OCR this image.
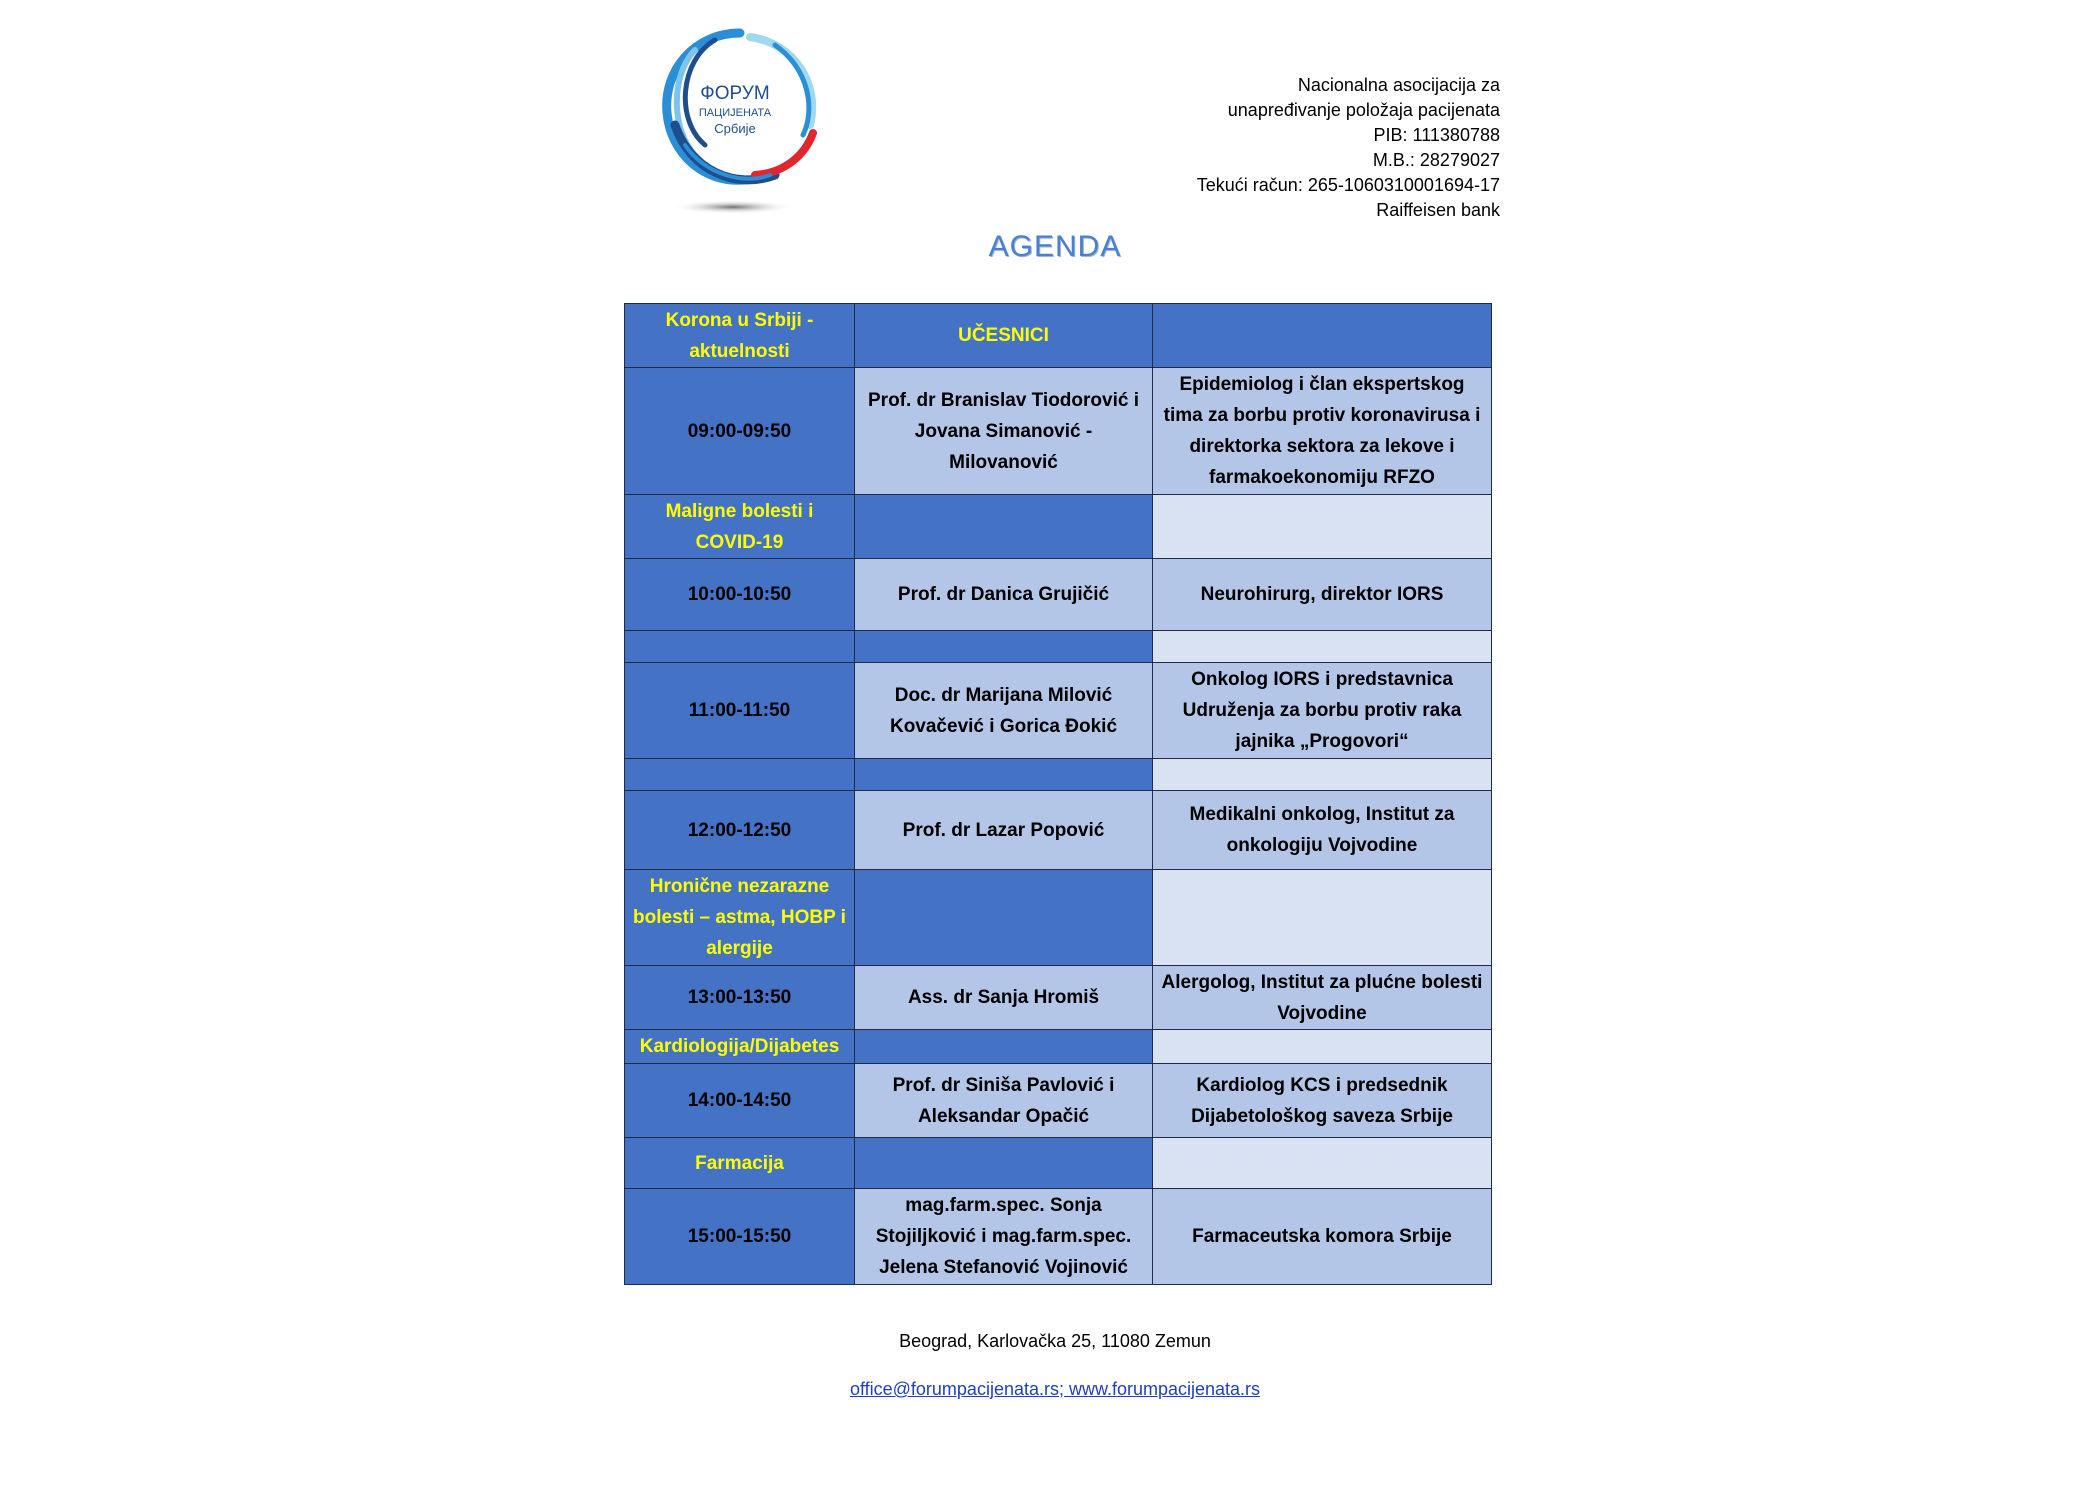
ФОРУМ
ПАЦИЈЕНАТА
Србије
Nacionalna asocijacija za
unapređivanje položaja pacijenata
PIB: 111380788
M.B.: 28279027
Tekući račun: 265-1060310001694-17
Raiffeisen bank
AGENDA
Korona u Srbiji - aktuelnosti	UČESNICI	
09:00-09:50	Prof. dr Branislav Tiodorović i Jovana Simanović - Milovanović	Epidemiolog i član ekspertskog tima za borbu protiv koronavirusa i direktorka sektora za lekove i farmakoekonomiju RFZO
Maligne bolesti i COVID-19		
10:00-10:50	Prof. dr Danica Grujičić	Neurohirurg, direktor IORS

11:00-11:50	Doc. dr Marijana Milović Kovačević i Gorica Đokić	Onkolog IORS i predstavnica Udruženja za borbu protiv raka jajnika „Progovori“

12:00-12:50	Prof. dr Lazar Popović	Medikalni onkolog, Institut za onkologiju Vojvodine
Hronične nezarazne bolesti – astma, HOBP i alergije		
13:00-13:50	Ass. dr Sanja Hromiš	Alergolog, Institut za plućne bolesti Vojvodine
Kardiologija/Dijabetes		
14:00-14:50	Prof. dr Siniša Pavlović i Aleksandar Opačić	Kardiolog KCS i predsednik Dijabetološkog saveza Srbije
Farmacija		
15:00-15:50	mag.farm.spec. Sonja Stojiljković i mag.farm.spec. Jelena Stefanović Vojinović	Farmaceutska komora Srbije
Beograd, Karlovačka 25, 11080 Zemun
office@forumpacijenata.rs; www.forumpacijenata.rs
